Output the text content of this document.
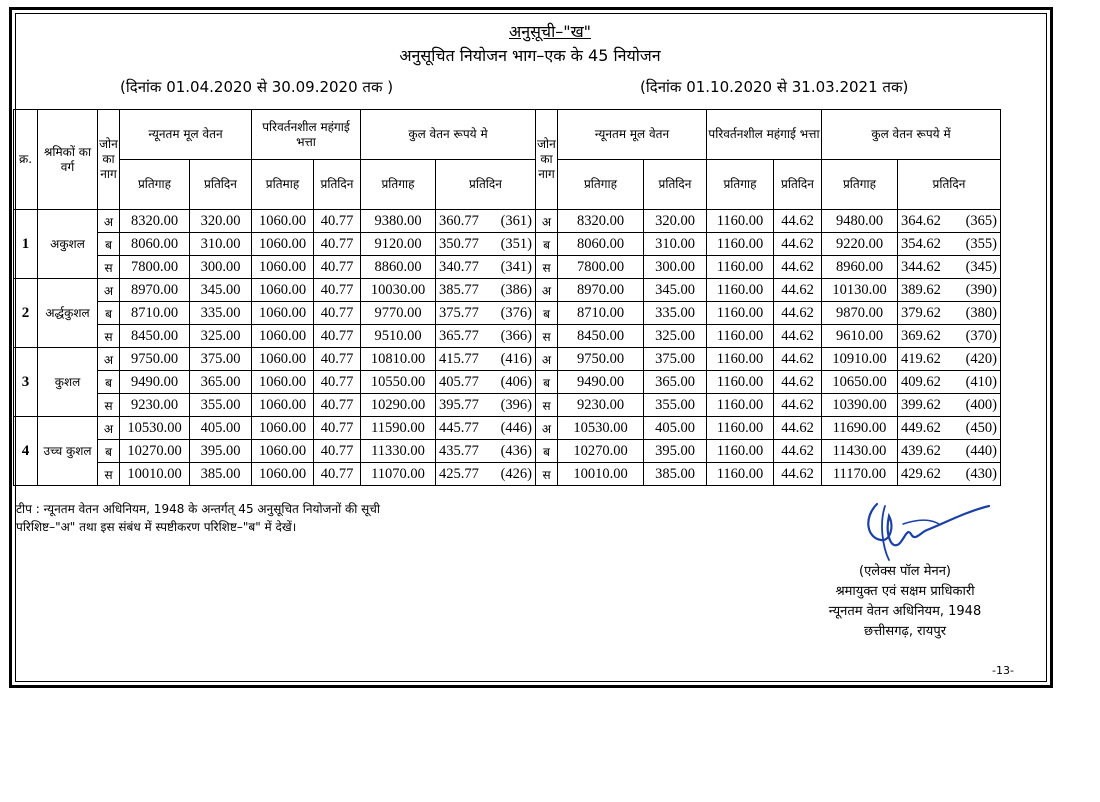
अनुसूची–"ख"
अनुसूचित नियोजन भाग–एक के 45 नियोजन
(दिनांक 01.04.2020 से 30.09.2020 तक )	(दिनांक 01.10.2020 से 31.03.2021 तक)
क्र.	श्रमिकों का वर्ग	जोन का नाग	न्यूनतम मूल वेतन		परिवर्तनशील महंगाई भत्ता		कुल वेतन रूपये मे		जोन का नाग	न्यूनतम मूल वेतन		परिवर्तनशील महंगाई भत्ता		कुल वेतन रूपये में	
			प्रतिगाह	प्रतिदिन	प्रतिमाह	प्रतिदिन	प्रतिगाह	प्रतिदिन		प्रतिगाह	प्रतिदिन	प्रतिगाह	प्रतिदिन	प्रतिगाह	प्रतिदिन
1	अकुशल	अ	8320.00	320.00	1060.00	40.77	9380.00	360.77 (361)	अ	8320.00	320.00	1160.00	44.62	9480.00	364.62 (365)

		ब	8060.00	310.00	1060.00	40.77	9120.00	350.77 (351)	ब	8060.00	310.00	1160.00	44.62	9220.00	354.62 (355)

		स	7800.00	300.00	1060.00	40.77	8860.00	340.77 (341)	स	7800.00	300.00	1160.00	44.62	8960.00	344.62 (345)

2	अर्द्धकुशल	अ	8970.00	345.00	1060.00	40.77	10030.00	385.77 (386)	अ	8970.00	345.00	1160.00	44.62	10130.00	389.62 (390)

		ब	8710.00	335.00	1060.00	40.77	9770.00	375.77 (376)	ब	8710.00	335.00	1160.00	44.62	9870.00	379.62 (380)

		स	8450.00	325.00	1060.00	40.77	9510.00	365.77 (366)	स	8450.00	325.00	1160.00	44.62	9610.00	369.62 (370)

3	कुशल	अ	9750.00	375.00	1060.00	40.77	10810.00	415.77 (416)	अ	9750.00	375.00	1160.00	44.62	10910.00	419.62 (420)

		ब	9490.00	365.00	1060.00	40.77	10550.00	405.77 (406)	ब	9490.00	365.00	1160.00	44.62	10650.00	409.62 (410)

		स	9230.00	355.00	1060.00	40.77	10290.00	395.77 (396)	स	9230.00	355.00	1160.00	44.62	10390.00	399.62 (400)

4	उच्च कुशल	अ	10530.00	405.00	1060.00	40.77	11590.00	445.77 (446)	अ	10530.00	405.00	1160.00	44.62	11690.00	449.62 (450)

		ब	10270.00	395.00	1060.00	40.77	11330.00	435.77 (436)	ब	10270.00	395.00	1160.00	44.62	11430.00	439.62 (440)

		स	10010.00	385.00	1060.00	40.77	11070.00	425.77 (426)	स	10010.00	385.00	1160.00	44.62	11170.00	429.62 (430)
टीप : न्यूनतम वेतन अधिनियम, 1948 के अन्तर्गत् 45 अनुसूचित नियोजनों की सूची
परिशिष्ट–"अ" तथा इस संबंध में स्पष्टीकरण परिशिष्ट–"ब" में देखें।
(एलेक्स पॉल मेनन)
श्रमायुक्त एवं सक्षम प्राधिकारी
न्यूनतम वेतन अधिनियम, 1948
छत्तीसगढ़, रायपुर
-13-
